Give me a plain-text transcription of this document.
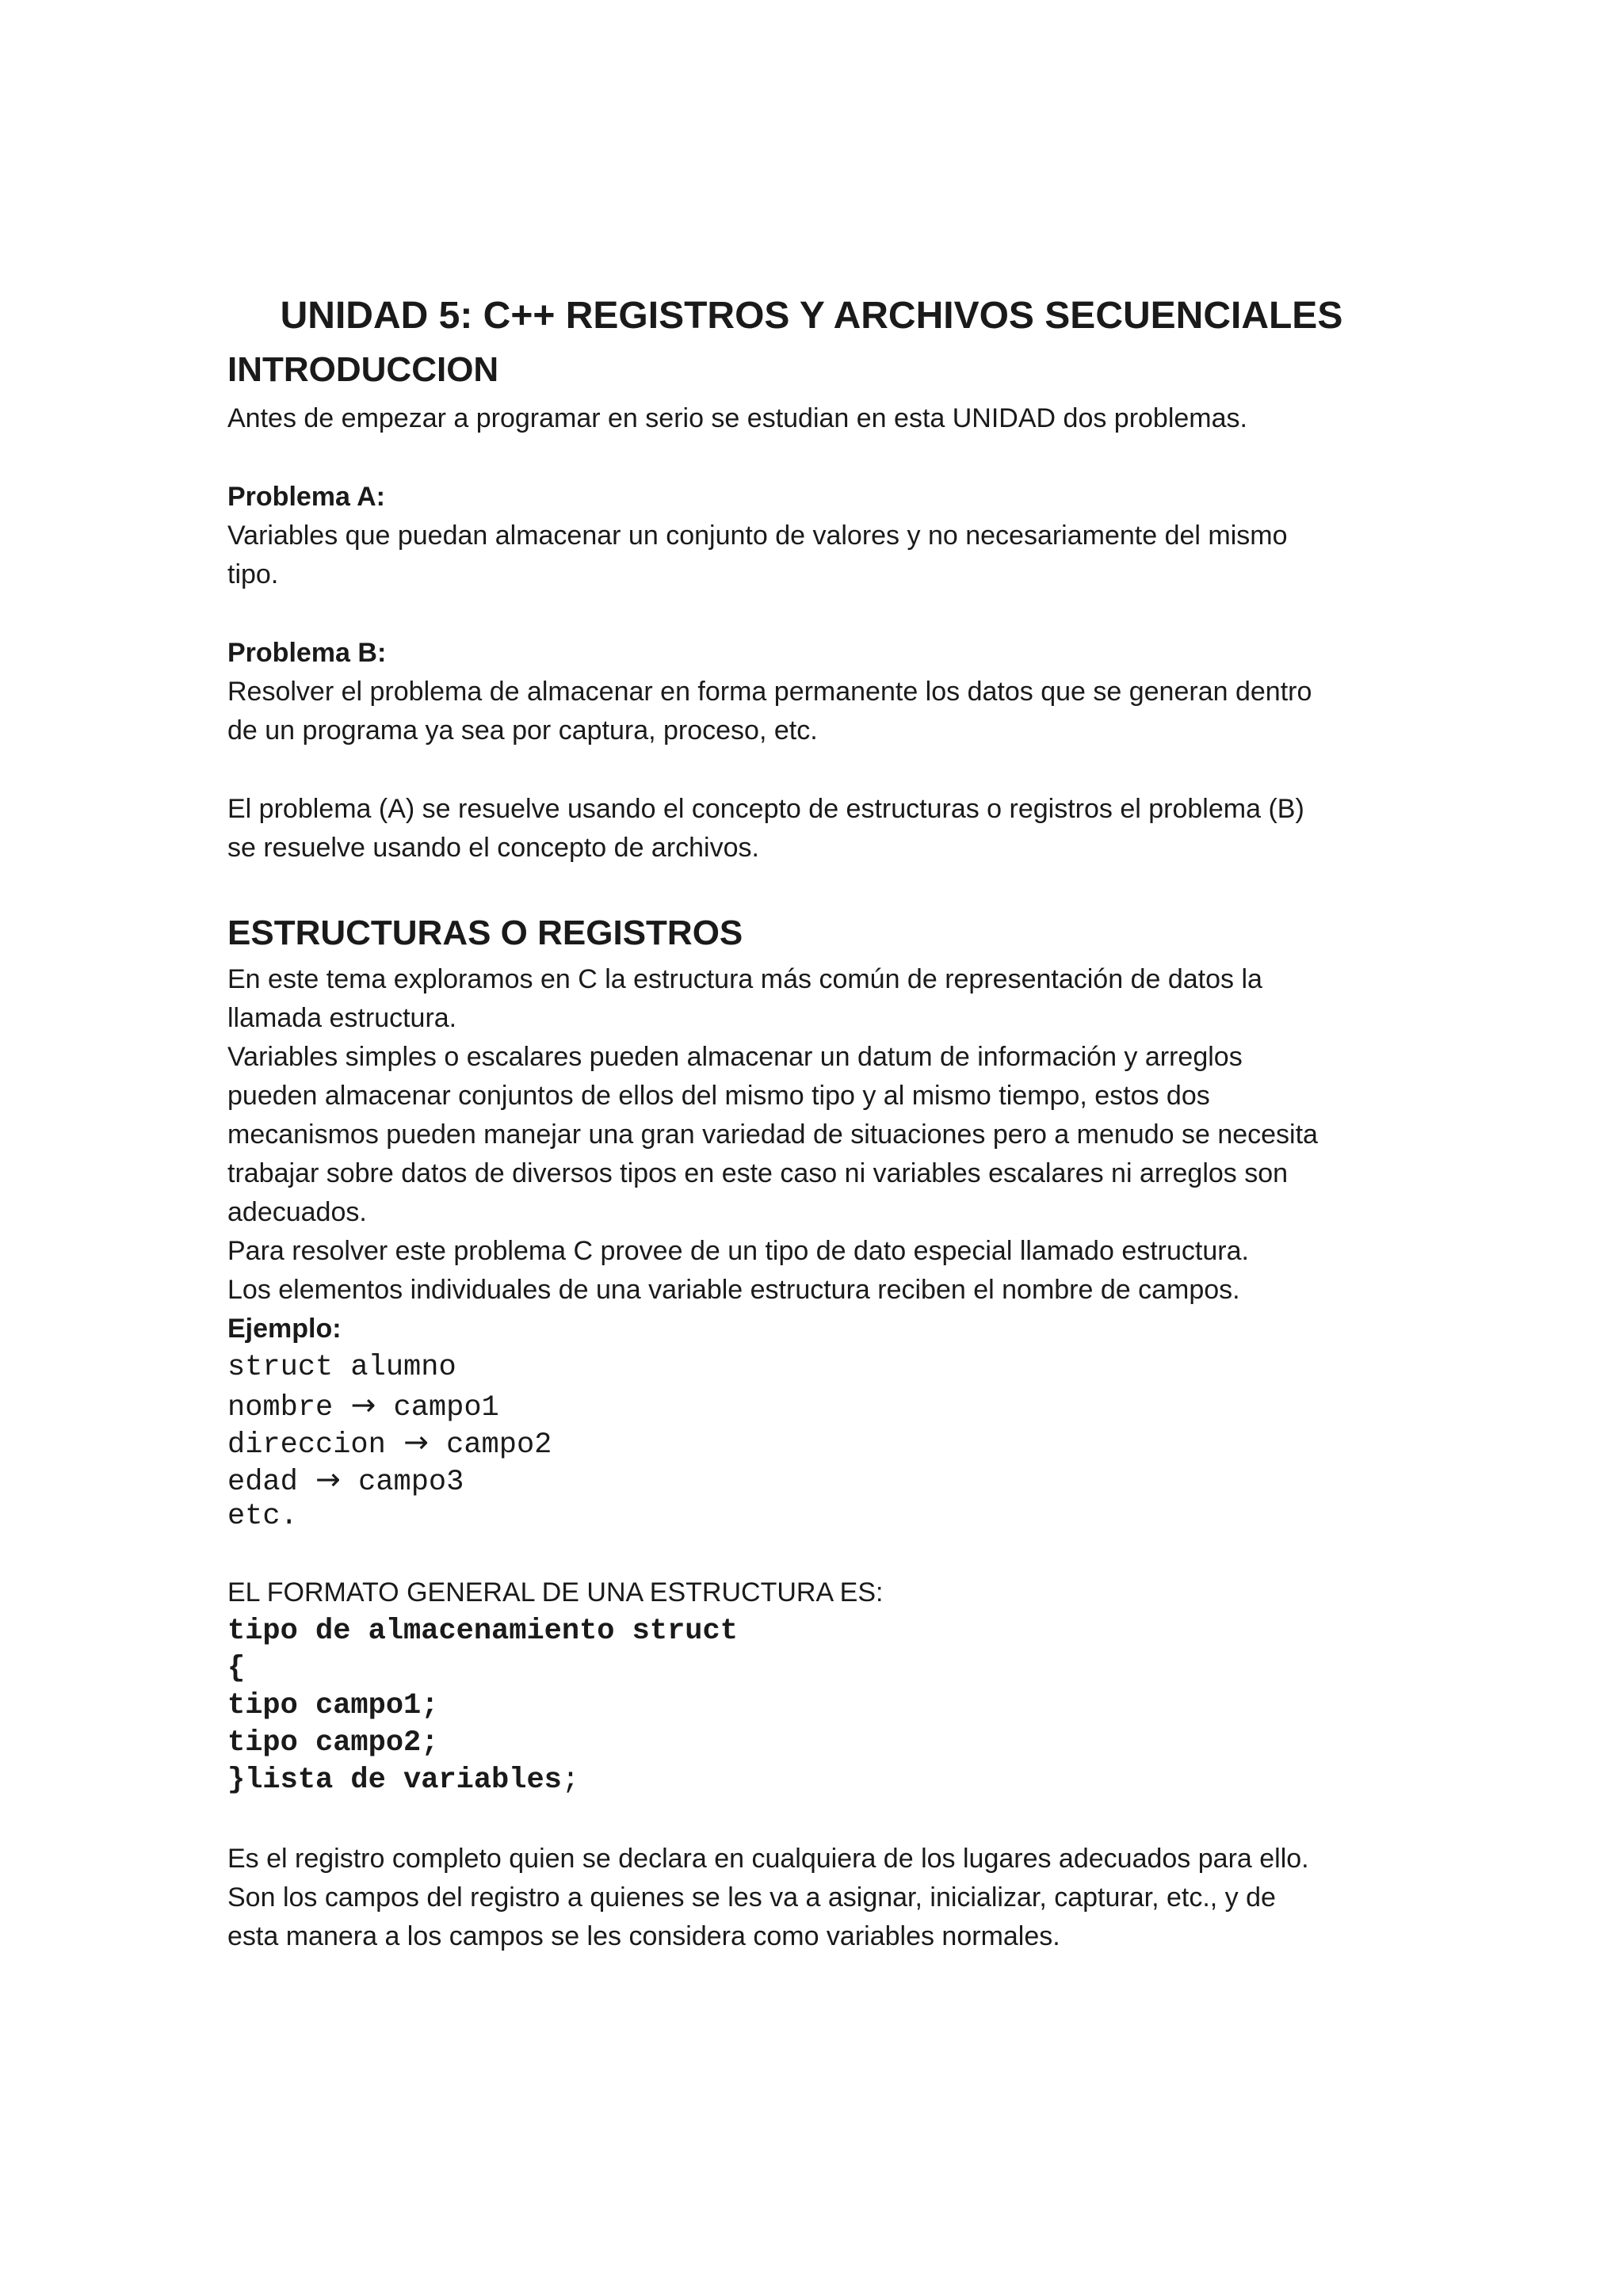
UNIDAD 5: C++ REGISTROS Y ARCHIVOS SECUENCIALES
INTRODUCCION
Antes de empezar a programar en serio se estudian en esta UNIDAD dos problemas.
Problema A:
Variables que puedan almacenar un conjunto de valores y no necesariamente del mismo
tipo.
Problema B:
Resolver el problema de almacenar en forma permanente los datos que se generan dentro
de un programa ya sea por captura, proceso, etc.
El problema (A) se resuelve usando el concepto de estructuras o registros el problema (B)
se resuelve usando el concepto de archivos.
ESTRUCTURAS O REGISTROS
En este tema exploramos en C la estructura más común de representación de datos la
llamada estructura.
Variables simples o escalares pueden almacenar un datum de información y arreglos
pueden almacenar conjuntos de ellos del mismo tipo y al mismo tiempo, estos dos
mecanismos pueden manejar una gran variedad de situaciones pero a menudo se necesita
trabajar sobre datos de diversos tipos en este caso ni variables escalares ni arreglos son
adecuados.
Para resolver este problema C provee de un tipo de dato especial llamado estructura.
Los elementos individuales de una variable estructura reciben el nombre de campos.
Ejemplo:
struct alumno
nombre → campo1
direccion → campo2
edad → campo3
etc.
EL FORMATO GENERAL DE UNA ESTRUCTURA ES:
tipo de almacenamiento struct
{
tipo campo1;
tipo campo2;
}lista de variables;
Es el registro completo quien se declara en cualquiera de los lugares adecuados para ello.
Son los campos del registro a quienes se les va a asignar, inicializar, capturar, etc., y de
esta manera a los campos se les considera como variables normales.
